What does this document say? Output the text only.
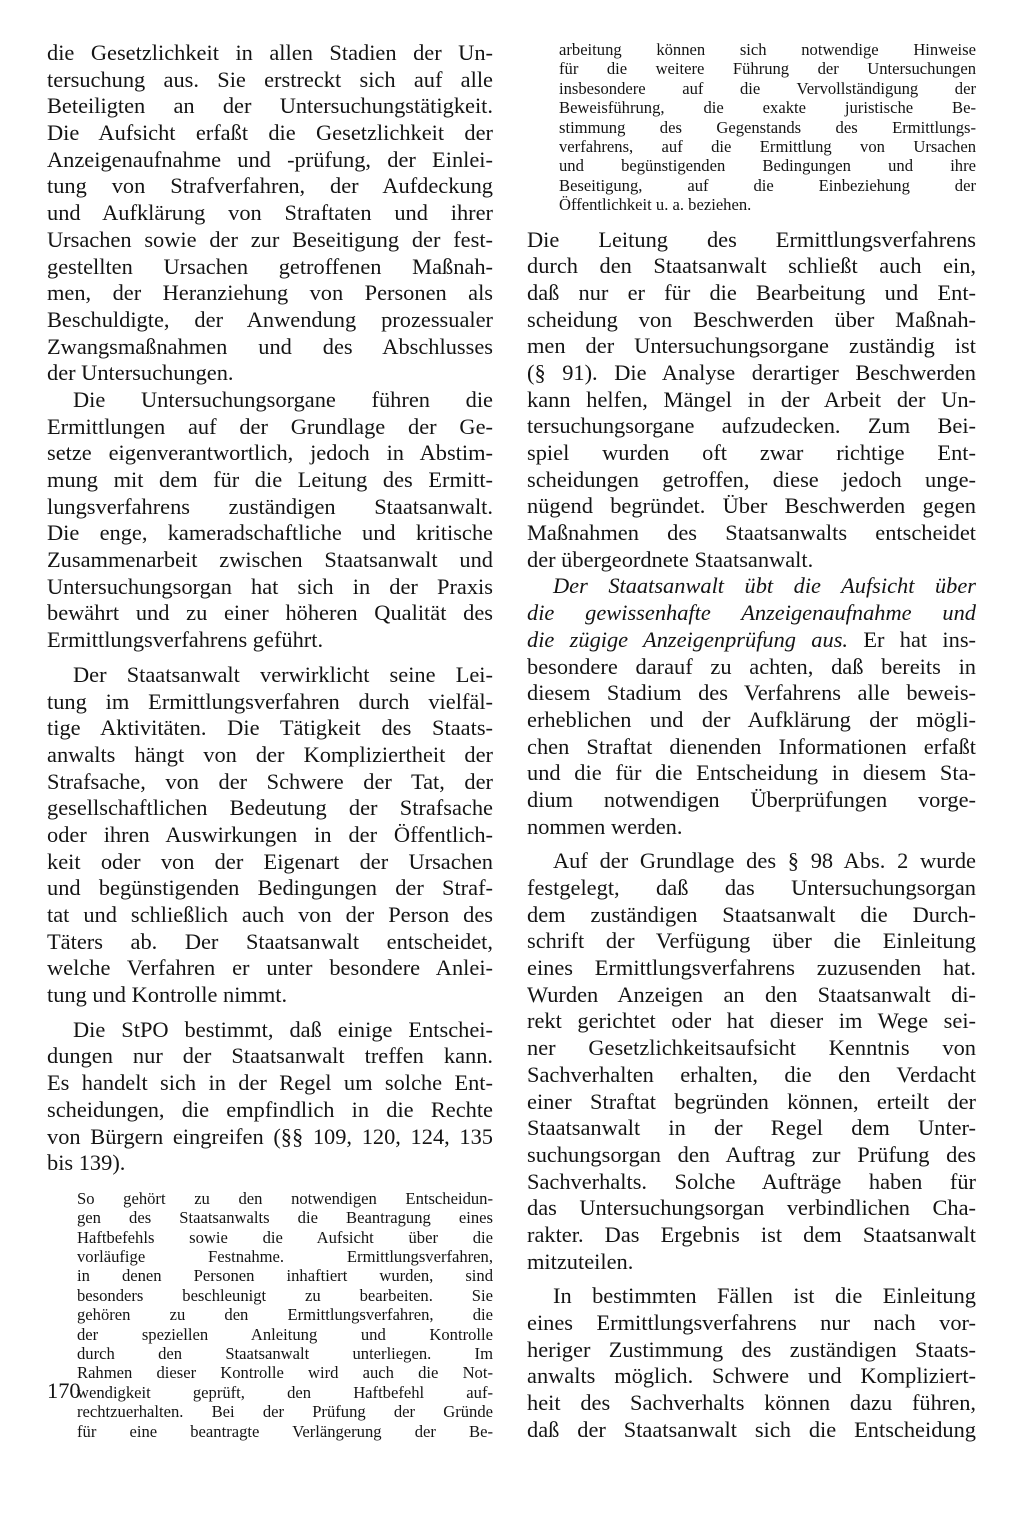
die Gesetzlichkeit in allen Stadien der Un-
tersuchung aus. Sie erstreckt sich auf alle
Beteiligten an der Untersuchungstätigkeit.
Die Aufsicht erfaßt die Gesetzlichkeit der
Anzeigenaufnahme und -prüfung, der Einlei-
tung von Strafverfahren, der Aufdeckung
und Aufklärung von Straftaten und ihrer
Ursachen sowie der zur Beseitigung der fest-
gestellten Ursachen getroffenen Maßnah-
men, der Heranziehung von Personen als
Beschuldigte, der Anwendung prozessualer
Zwangsmaßnahmen und des Abschlusses
der Untersuchungen.
Die Untersuchungsorgane führen die
Ermittlungen auf der Grundlage der Ge-
setze eigenverantwortlich, jedoch in Abstim-
mung mit dem für die Leitung des Ermitt-
lungsverfahrens zuständigen Staatsanwalt.
Die enge, kameradschaftliche und kritische
Zusammenarbeit zwischen Staatsanwalt und
Untersuchungsorgan hat sich in der Praxis
bewährt und zu einer höheren Qualität des
Ermittlungsverfahrens geführt.
Der Staatsanwalt verwirklicht seine Lei-
tung im Ermittlungsverfahren durch vielfäl-
tige Aktivitäten. Die Tätigkeit des Staats-
anwalts hängt von der Kompliziertheit der
Strafsache, von der Schwere der Tat, der
gesellschaftlichen Bedeutung der Strafsache
oder ihren Auswirkungen in der Öffentlich-
keit oder von der Eigenart der Ursachen
und begünstigenden Bedingungen der Straf-
tat und schließlich auch von der Person des
Täters ab. Der Staatsanwalt entscheidet,
welche Verfahren er unter besondere Anlei-
tung und Kontrolle nimmt.
Die StPO bestimmt, daß einige Entschei-
dungen nur der Staatsanwalt treffen kann.
Es handelt sich in der Regel um solche Ent-
scheidungen, die empfindlich in die Rechte
von Bürgern eingreifen (§§ 109, 120, 124, 135
bis 139).
So gehört zu den notwendigen Entscheidun-
gen des Staatsanwalts die Beantragung eines
Haftbefehls sowie die Aufsicht über die
vorläufige Festnahme. Ermittlungsverfahren,
in denen Personen inhaftiert wurden, sind
besonders beschleunigt zu bearbeiten. Sie
gehören zu den Ermittlungsverfahren, die
der speziellen Anleitung und Kontrolle
durch den Staatsanwalt unterliegen. Im
Rahmen dieser Kontrolle wird auch die Not-
wendigkeit geprüft, den Haftbefehl auf-
rechtzuerhalten. Bei der Prüfung der Gründe
für eine beantragte Verlängerung der Be-
arbeitung können sich notwendige Hinweise
für die weitere Führung der Untersuchungen
insbesondere auf die Vervollständigung der
Beweisführung, die exakte juristische Be-
stimmung des Gegenstands des Ermittlungs-
verfahrens, auf die Ermittlung von Ursachen
und begünstigenden Bedingungen und ihre
Beseitigung, auf die Einbeziehung der
Öffentlichkeit u. a. beziehen.
Die Leitung des Ermittlungsverfahrens
durch den Staatsanwalt schließt auch ein,
daß nur er für die Bearbeitung und Ent-
scheidung von Beschwerden über Maßnah-
men der Untersuchungsorgane zuständig ist
(§ 91). Die Analyse derartiger Beschwerden
kann helfen, Mängel in der Arbeit der Un-
tersuchungsorgane aufzudecken. Zum Bei-
spiel wurden oft zwar richtige Ent-
scheidungen getroffen, diese jedoch unge-
nügend begründet. Über Beschwerden gegen
Maßnahmen des Staatsanwalts entscheidet
der übergeordnete Staatsanwalt.
Der Staatsanwalt übt die Aufsicht über
die gewissenhafte Anzeigenaufnahme und
die zügige Anzeigenprüfung aus. Er hat ins-
besondere darauf zu achten, daß bereits in
diesem Stadium des Verfahrens alle beweis-
erheblichen und der Aufklärung der mögli-
chen Straftat dienenden Informationen erfaßt
und die für die Entscheidung in diesem Sta-
dium notwendigen Überprüfungen vorge-
nommen werden.
Auf der Grundlage des § 98 Abs. 2 wurde
festgelegt, daß das Untersuchungsorgan
dem zuständigen Staatsanwalt die Durch-
schrift der Verfügung über die Einleitung
eines Ermittlungsverfahrens zuzusenden hat.
Wurden Anzeigen an den Staatsanwalt di-
rekt gerichtet oder hat dieser im Wege sei-
ner Gesetzlichkeitsaufsicht Kenntnis von
Sachverhalten erhalten, die den Verdacht
einer Straftat begründen können, erteilt der
Staatsanwalt in der Regel dem Unter-
suchungsorgan den Auftrag zur Prüfung des
Sachverhalts. Solche Aufträge haben für
das Untersuchungsorgan verbindlichen Cha-
rakter. Das Ergebnis ist dem Staatsanwalt
mitzuteilen.
In bestimmten Fällen ist die Einleitung
eines Ermittlungsverfahrens nur nach vor-
heriger Zustimmung des zuständigen Staats-
anwalts möglich. Schwere und Kompliziert-
heit des Sachverhalts können dazu führen,
daß der Staatsanwalt sich die Entscheidung
170
